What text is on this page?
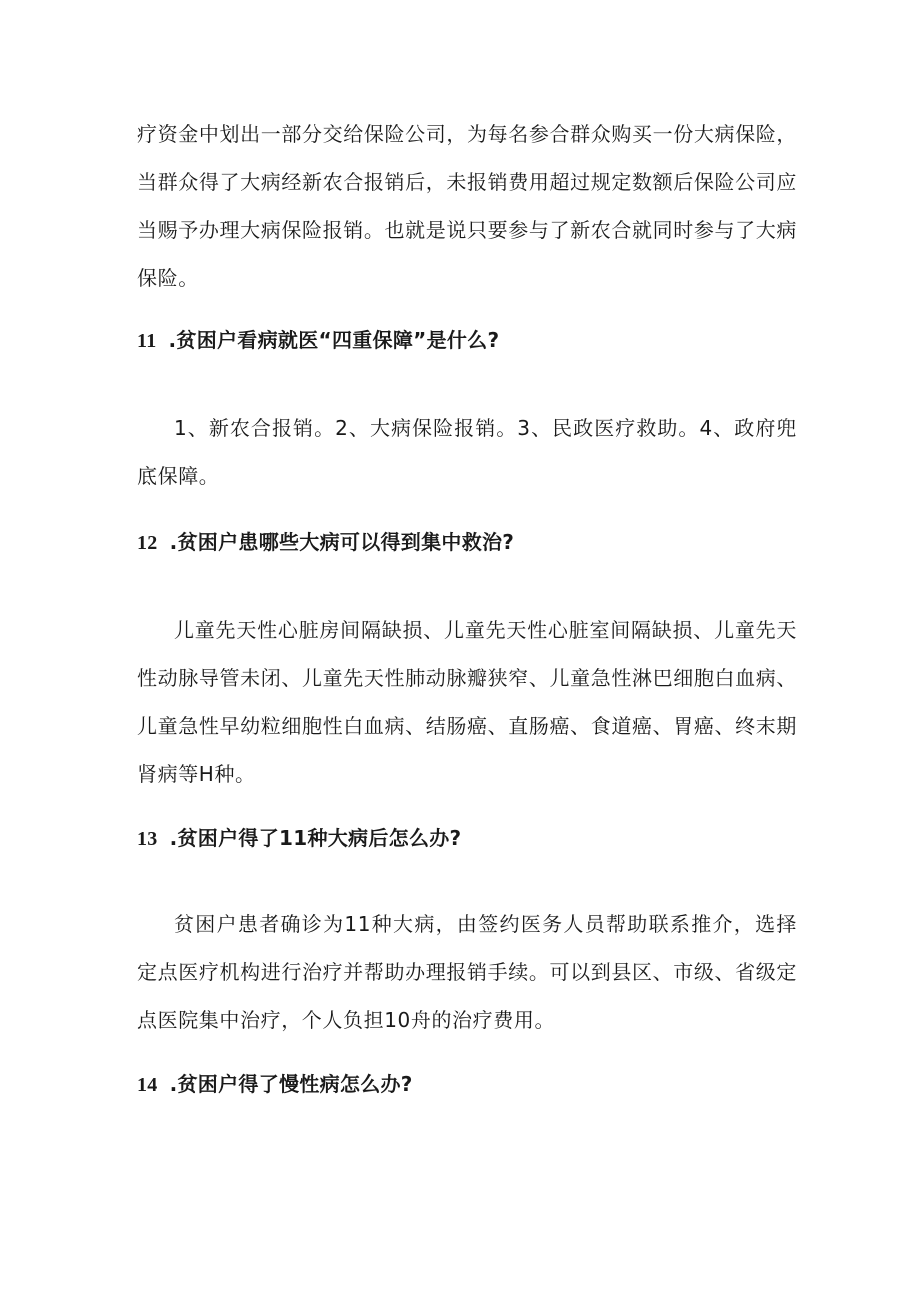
疗资金中划出一部分交给保险公司，为每名参合群众购买一份大病保险，当群众得了大病经新农合报销后，未报销费用超过规定数额后保险公司应当赐予办理大病保险报销。也就是说只要参与了新农合就同时参与了大病保险。

11 .贫困户看病就医“四重保障”是什么?

1、新农合报销。2、大病保险报销。3、民政医疗救助。4、政府兜底保障。

12 .贫困户患哪些大病可以得到集中救治?

儿童先天性心脏房间隔缺损、儿童先天性心脏室间隔缺损、儿童先天性动脉导管未闭、儿童先天性肺动脉瓣狭窄、儿童急性淋巴细胞白血病、儿童急性早幼粒细胞性白血病、结肠癌、直肠癌、食道癌、胃癌、终末期肾病等H种。

13 .贫困户得了11种大病后怎么办?

贫困户患者确诊为11种大病，由签约医务人员帮助联系推介，选择定点医疗机构进行治疗并帮助办理报销手续。可以到县区、市级、省级定点医院集中治疗，个人负担10舟的治疗费用。

14 .贫困户得了慢性病怎么办?
